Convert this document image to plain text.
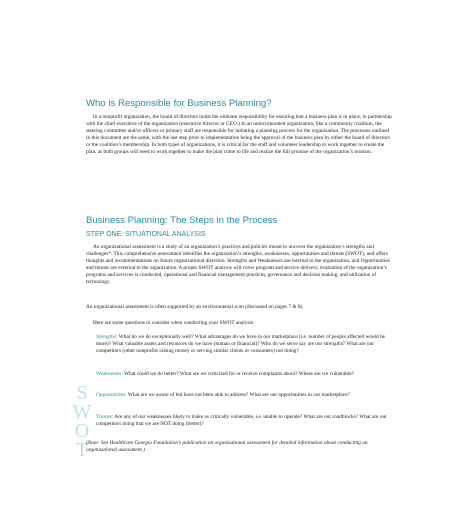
Who is Responsible for Business Planning?

In a nonprofit organization, the board of directors holds the ultimate responsibility for ensuring that a business plan is in place, in partnership with the chief executive of the organization (executive director or CEO.) In an unincorporated organization, like a community coalition, the steering committee and/or officers or primary staff are responsible for initiating a planning process for the organization. The processes outlined in this document are the same, with the last step prior to implementation being the approval of the business plan by either the board of directors or the coalition’s membership. In both types of organizations, it is critical for the staff and volunteer leadership to work together to create the plan, as both groups will need to work together to make the plan come to life and realize the full promise of the organization’s mission.

Business Planning: The Steps in the Process
STEP ONE: SITUATIONAL ANALYSIS

An organizational assessment is a study of an organization’s practices and policies meant to uncover the organization’s strengths and challenges*. This comprehensive assessment identifies the organization’s strengths, weaknesses, opportunities and threats (SWOT), and offers thoughts and recommendations on future organizational direction. Strengths and Weaknesses are internal to the organization, and Opportunities and threats are external to the organization. A proper SWOT analysis will cover program and service delivery, evaluation of the organization’s programs and services is conducted, operational and financial management practices, governance and decision making, and utilization of technology.

An organizational assessment is often supported by an environmental scan (discussed on pages 7 & 8).

Here are some questions to consider when conducting your SWOT analysis:

S
W
O
T

Strengths: What do we do exceptionally well? What advantages do we have in our marketplace (i.e. number of people affected would be more)? What valuable assets and resources do we have (human or financial)? Who do we serve say are our strengths? What are our competitors (other nonprofits raising money or serving similar clients or consumers) not doing?

Weaknesses: What could we do better? What are we criticized for or receive complaints about? Where are we vulnerable?

Opportunities: What are we aware of but have not been able to address? What are our opportunities in our marketplace?

Threats: Are any of our weaknesses likely to make us critically vulnerable, i.e. unable to operate? What are our roadblocks? What are our competitors doing that we are NOT doing (better)?

(Note: See Healthcare Georgia Foundation’s publication on organizational assessment for detailed information about conducting an organizational assessment.)
